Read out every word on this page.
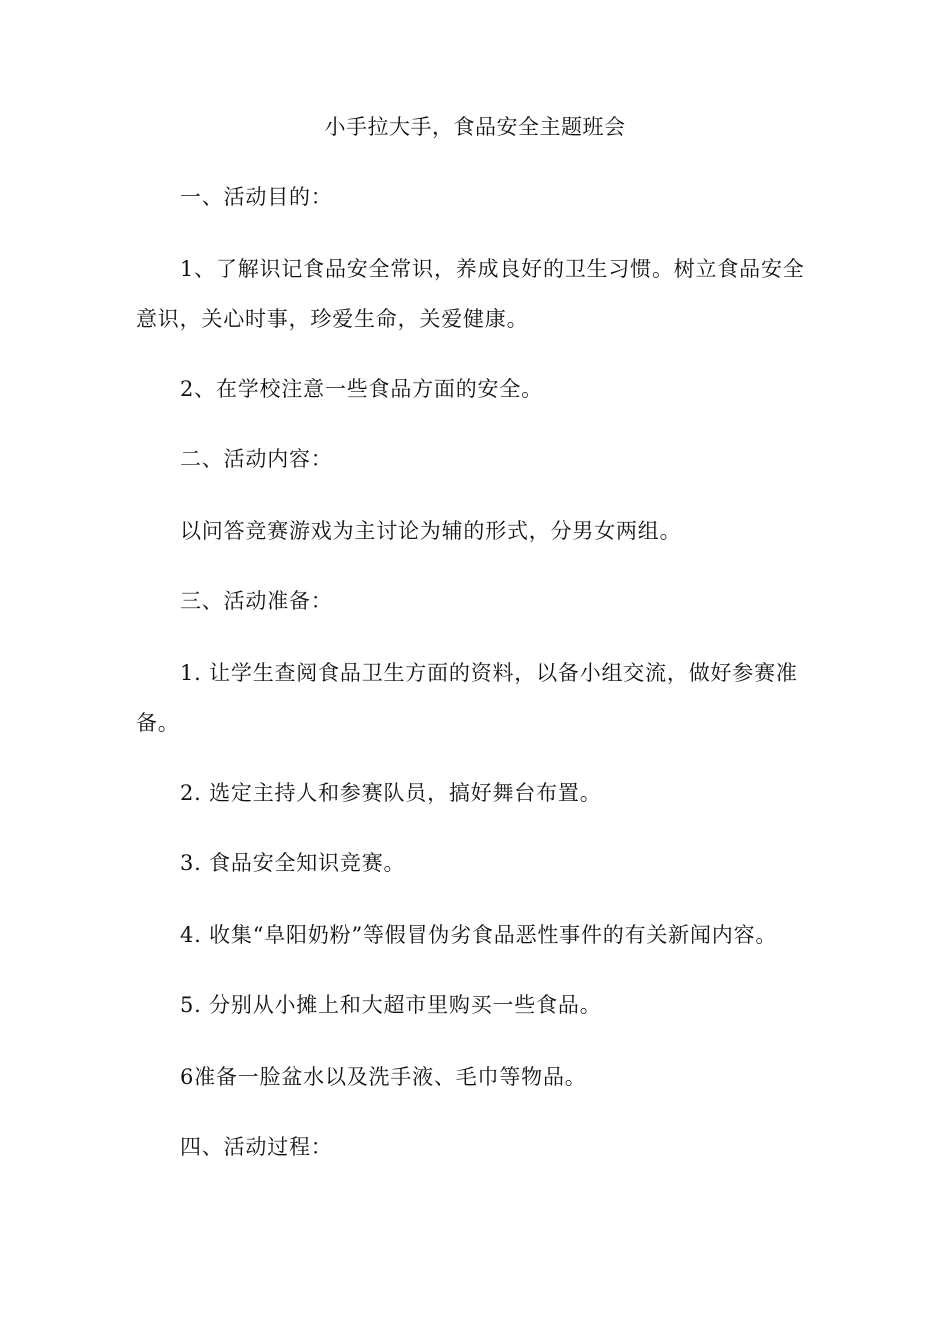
小手拉大手，食品安全主题班会

一、活动目的：

1、了解识记食品安全常识，养成良好的卫生习惯。树立食品安全意识，关心时事，珍爱生命，关爱健康。

2、在学校注意一些食品方面的安全。

二、活动内容：

以问答竞赛游戏为主讨论为辅的形式，分男女两组。

三、活动准备：

1. 让学生查阅食品卫生方面的资料，以备小组交流，做好参赛准备。

2. 选定主持人和参赛队员，搞好舞台布置。

3. 食品安全知识竞赛。

4. 收集“阜阳奶粉”等假冒伪劣食品恶性事件的有关新闻内容。

5. 分别从小摊上和大超市里购买一些食品。

6准备一脸盆水以及洗手液、毛巾等物品。

四、活动过程：
